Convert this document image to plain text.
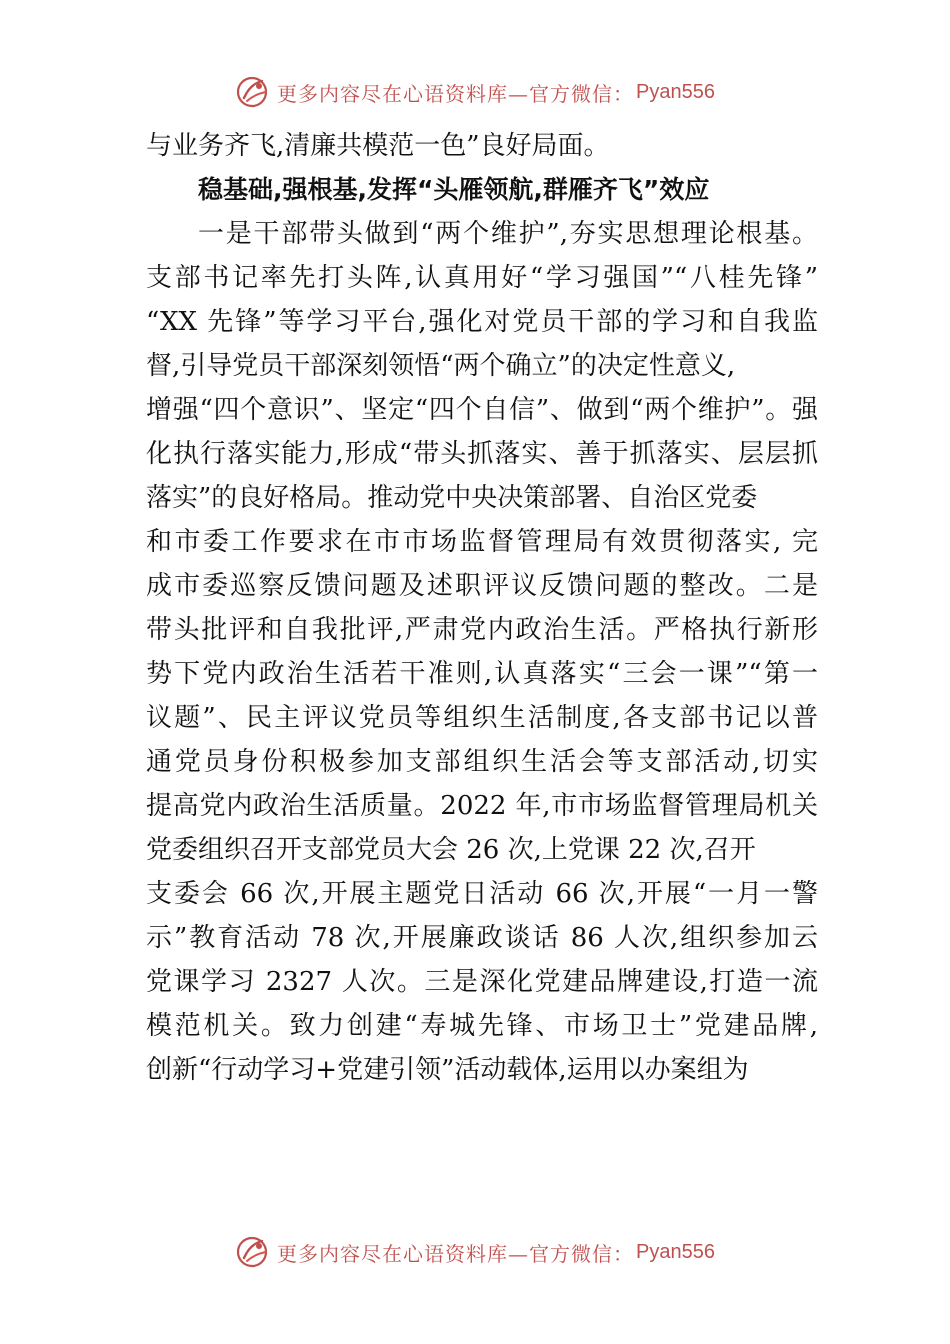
更多内容尽在心语资料库—官方微信： Pyan556
与业务齐飞,清廉共模范一色”良好局面。
稳基础,强根基,发挥“头雁领航,群雁齐飞”效应
一是干部带头做到“两个维护”,夯实思想理论根基。
支部书记率先打头阵,认真用好“学习强国”“八桂先锋”
“XX 先锋”等学习平台,强化对党员干部的学习和自我监
督,引导党员干部深刻领悟“两个确立”的决定性意义,
增强“四个意识”、坚定“四个自信”、做到“两个维护”。强
化执行落实能力,形成“带头抓落实、善于抓落实、层层抓
落实”的良好格局。推动党中央决策部署、自治区党委
和市委工作要求在市市场监督管理局有效贯彻落实, 完
成市委巡察反馈问题及述职评议反馈问题的整改。二是
带头批评和自我批评,严肃党内政治生活。严格执行新形
势下党内政治生活若干准则,认真落实“三会一课”“第一
议题”、民主评议党员等组织生活制度,各支部书记以普
通党员身份积极参加支部组织生活会等支部活动,切实
提高党内政治生活质量。2022 年,市市场监督管理局机关
党委组织召开支部党员大会 26 次,上党课 22 次,召开
支委会 66 次,开展主题党日活动 66 次,开展“一月一警
示”教育活动 78 次,开展廉政谈话 86 人次,组织参加云
党课学习 2327 人次。三是深化党建品牌建设,打造一流
模范机关。致力创建“寿城先锋、市场卫士”党建品牌,
创新“行动学习+党建引领”活动载体,运用以办案组为
更多内容尽在心语资料库—官方微信： Pyan556
